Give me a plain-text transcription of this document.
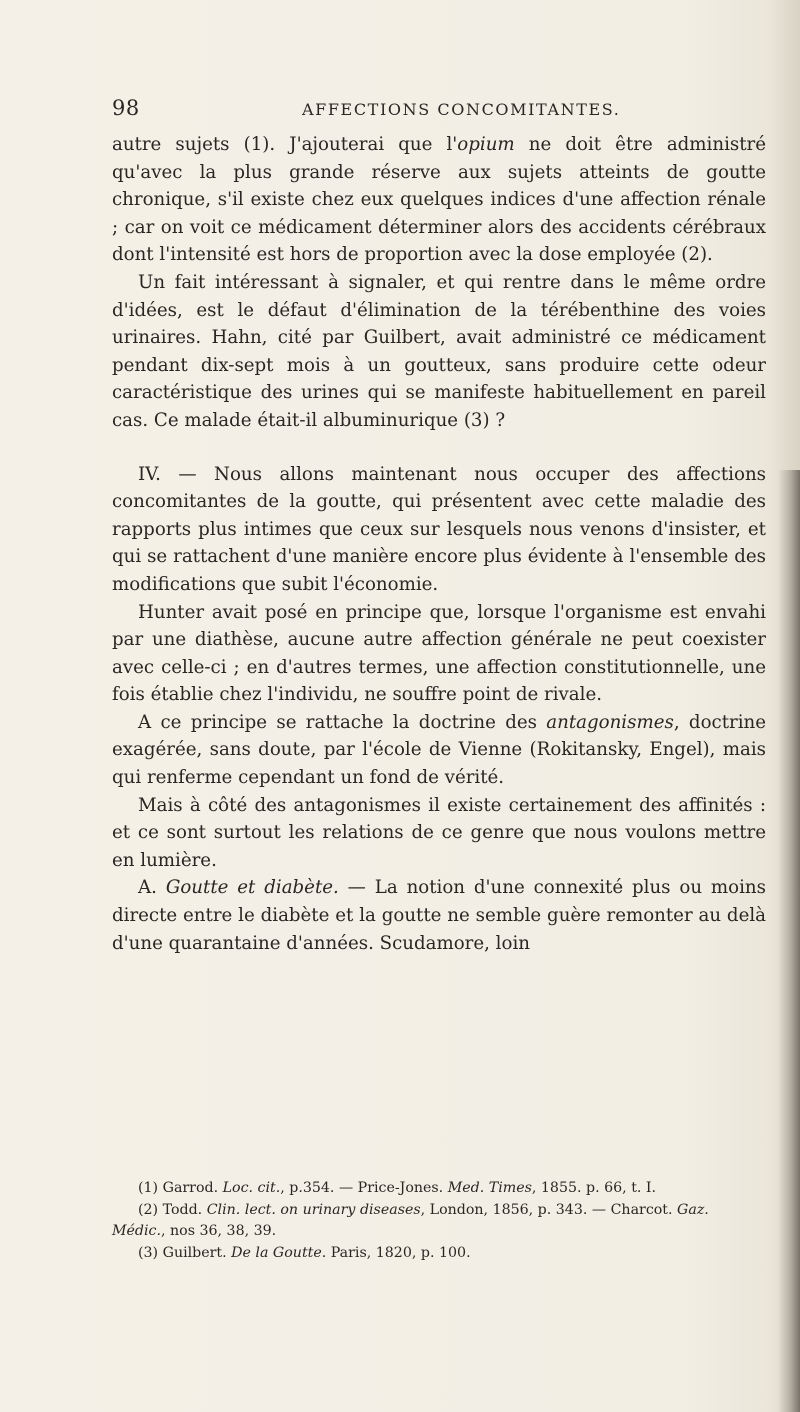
98	AFFECTIONS CONCOMITANTES.

autre sujets (1). J'ajouterai que l'opium ne doit être administré qu'avec la plus grande réserve aux sujets atteints de goutte chronique, s'il existe chez eux quelques indices d'une affection rénale ; car on voit ce médicament déterminer alors des accidents cérébraux dont l'intensité est hors de proportion avec la dose employée (2).

Un fait intéressant à signaler, et qui rentre dans le même ordre d'idées, est le défaut d'élimination de la térébenthine des voies urinaires. Hahn, cité par Guilbert, avait administré ce médicament pendant dix-sept mois à un goutteux, sans produire cette odeur caractéristique des urines qui se manifeste habituellement en pareil cas. Ce malade était-il albuminurique (3) ?

IV. — Nous allons maintenant nous occuper des affections concomitantes de la goutte, qui présentent avec cette maladie des rapports plus intimes que ceux sur lesquels nous venons d'insister, et qui se rattachent d'une manière encore plus évidente à l'ensemble des modifications que subit l'économie.

Hunter avait posé en principe que, lorsque l'organisme est envahi par une diathèse, aucune autre affection générale ne peut coexister avec celle-ci ; en d'autres termes, une affection constitutionnelle, une fois établie chez l'individu, ne souffre point de rivale.

A ce principe se rattache la doctrine des antagonismes, doctrine exagérée, sans doute, par l'école de Vienne (Rokitansky, Engel), mais qui renferme cependant un fond de vérité.

Mais à côté des antagonismes il existe certainement des affinités : et ce sont surtout les relations de ce genre que nous voulons mettre en lumière.

A. Goutte et diabète. — La notion d'une connexité plus ou moins directe entre le diabète et la goutte ne semble guère remonter au delà d'une quarantaine d'années. Scudamore, loin

(1) Garrod. Loc. cit., p.354. — Price-Jones. Med. Times, 1855. p. 66, t. I.

(2) Todd. Clin. lect. on urinary diseases, London, 1856, p. 343. — Charcot. Gaz. Médic., nos 36, 38, 39.

(3) Guilbert. De la Goutte. Paris, 1820, p. 100.
